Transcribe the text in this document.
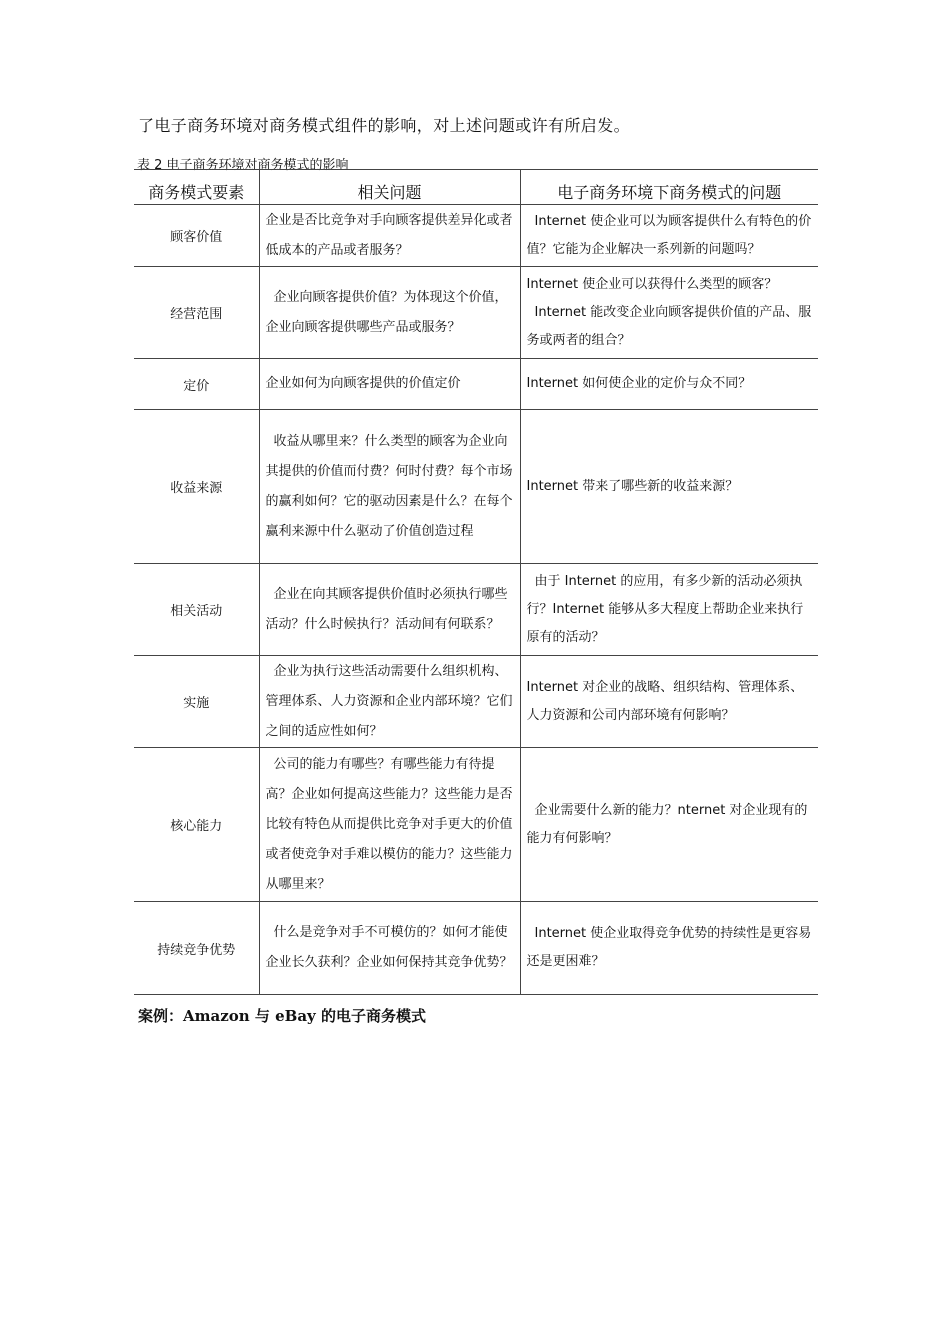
了电子商务环境对商务模式组件的影响，对上述问题或许有所启发。
表 2 电子商务环境对商务模式的影响
商务模式要素	相关问题	电子商务环境下商务模式的问题
顾客价值	企业是否比竞争对手向顾客提供差异化或者低成本的产品或者服务？	Internet 使企业可以为顾客提供什么有特色的价值？它能为企业解决一系列新的问题吗？
经营范围	企业向顾客提供价值？为体现这个价值，企业向顾客提供哪些产品或服务？	Internet 使企业可以获得什么类型的顾客？
Internet 能改变企业向顾客提供价值的产品、服务或两者的组合？

定价	企业如何为向顾客提供的价值定价	Internet 如何使企业的定价与众不同？
收益来源	收益从哪里来？什么类型的顾客为企业向其提供的价值而付费？何时付费？每个市场的赢利如何？它的驱动因素是什么？在每个赢利来源中什么驱动了价值创造过程	Internet 带来了哪些新的收益来源？
相关活动	企业在向其顾客提供价值时必须执行哪些活动？什么时候执行？活动间有何联系？	由于 Internet 的应用，有多少新的活动必须执行？Internet 能够从多大程度上帮助企业来执行原有的活动？
实施	企业为执行这些活动需要什么组织机构、管理体系、人力资源和企业内部环境？它们之间的适应性如何？	Internet 对企业的战略、组织结构、管理体系、人力资源和公司内部环境有何影响？
核心能力	公司的能力有哪些？有哪些能力有待提高？企业如何提高这些能力？这些能力是否比较有特色从而提供比竞争对手更大的价值或者使竞争对手难以模仿的能力？这些能力从哪里来？	企业需要什么新的能力？nternet 对企业现有的能力有何影响？
持续竞争优势	什么是竞争对手不可模仿的？如何才能使企业长久获利？企业如何保持其竞争优势？	Internet 使企业取得竞争优势的持续性是更容易还是更困难？
案例：Amazon 与 eBay 的电子商务模式
